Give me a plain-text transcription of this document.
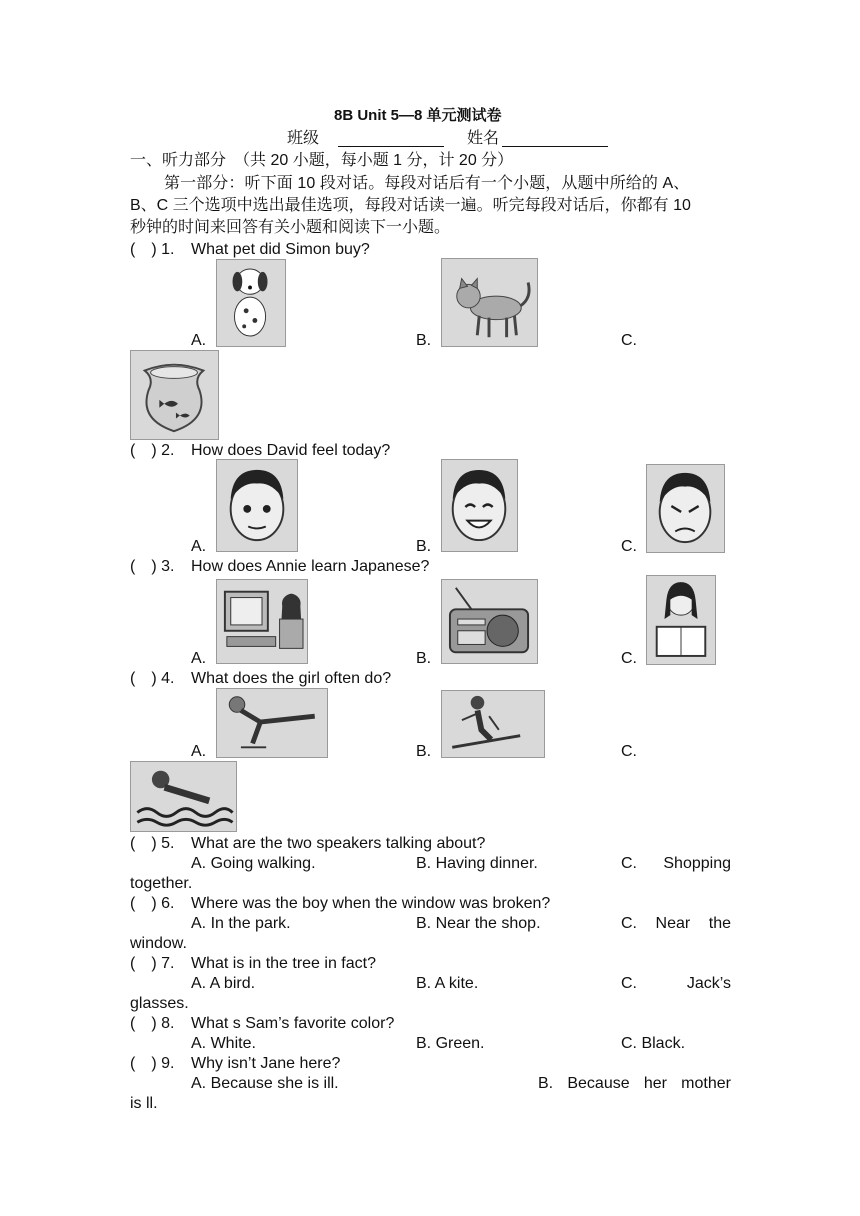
8B Unit 5—8 单元测试卷
班级	姓名
一、听力部分　（共 20 小题，每小题 1 分，计 20 分）
第一部分：听下面 10 段对话。每段对话后有一个小题，从题中所给的 A、
B、C 三个选项中选出最佳选项，每段对话读一遍。听完每段对话后，你都有 10
秒钟的时间来回答有关小题和阅读下一小题。
(　) 1. What pet did Simon buy?
A.	B.	C.
(　) 2. How does David feel today?
A.	B.	C.
(　) 3. How does Annie learn Japanese?
A.	B.	C.
(　) 4. What does the girl often do?
A.	B.	C.
(　) 5. What are the two speakers talking about?
A. Going walking.	B. Having dinner.	C. Shopping
together.
(　) 6. Where was the boy when the window was broken?
A. In the park.	B. Near the shop.	C. Near the
window.
(　) 7. What is in the tree in fact?
A. A bird.	B. A kite.	C.	Jack’s
glasses.
(　) 8. What s Sam’s favorite color?
A. White.	B. Green.	C. Black.
(　) 9. Why isn’t Jane here?
A. Because she is ill.	B. Because her mother
is ll.
